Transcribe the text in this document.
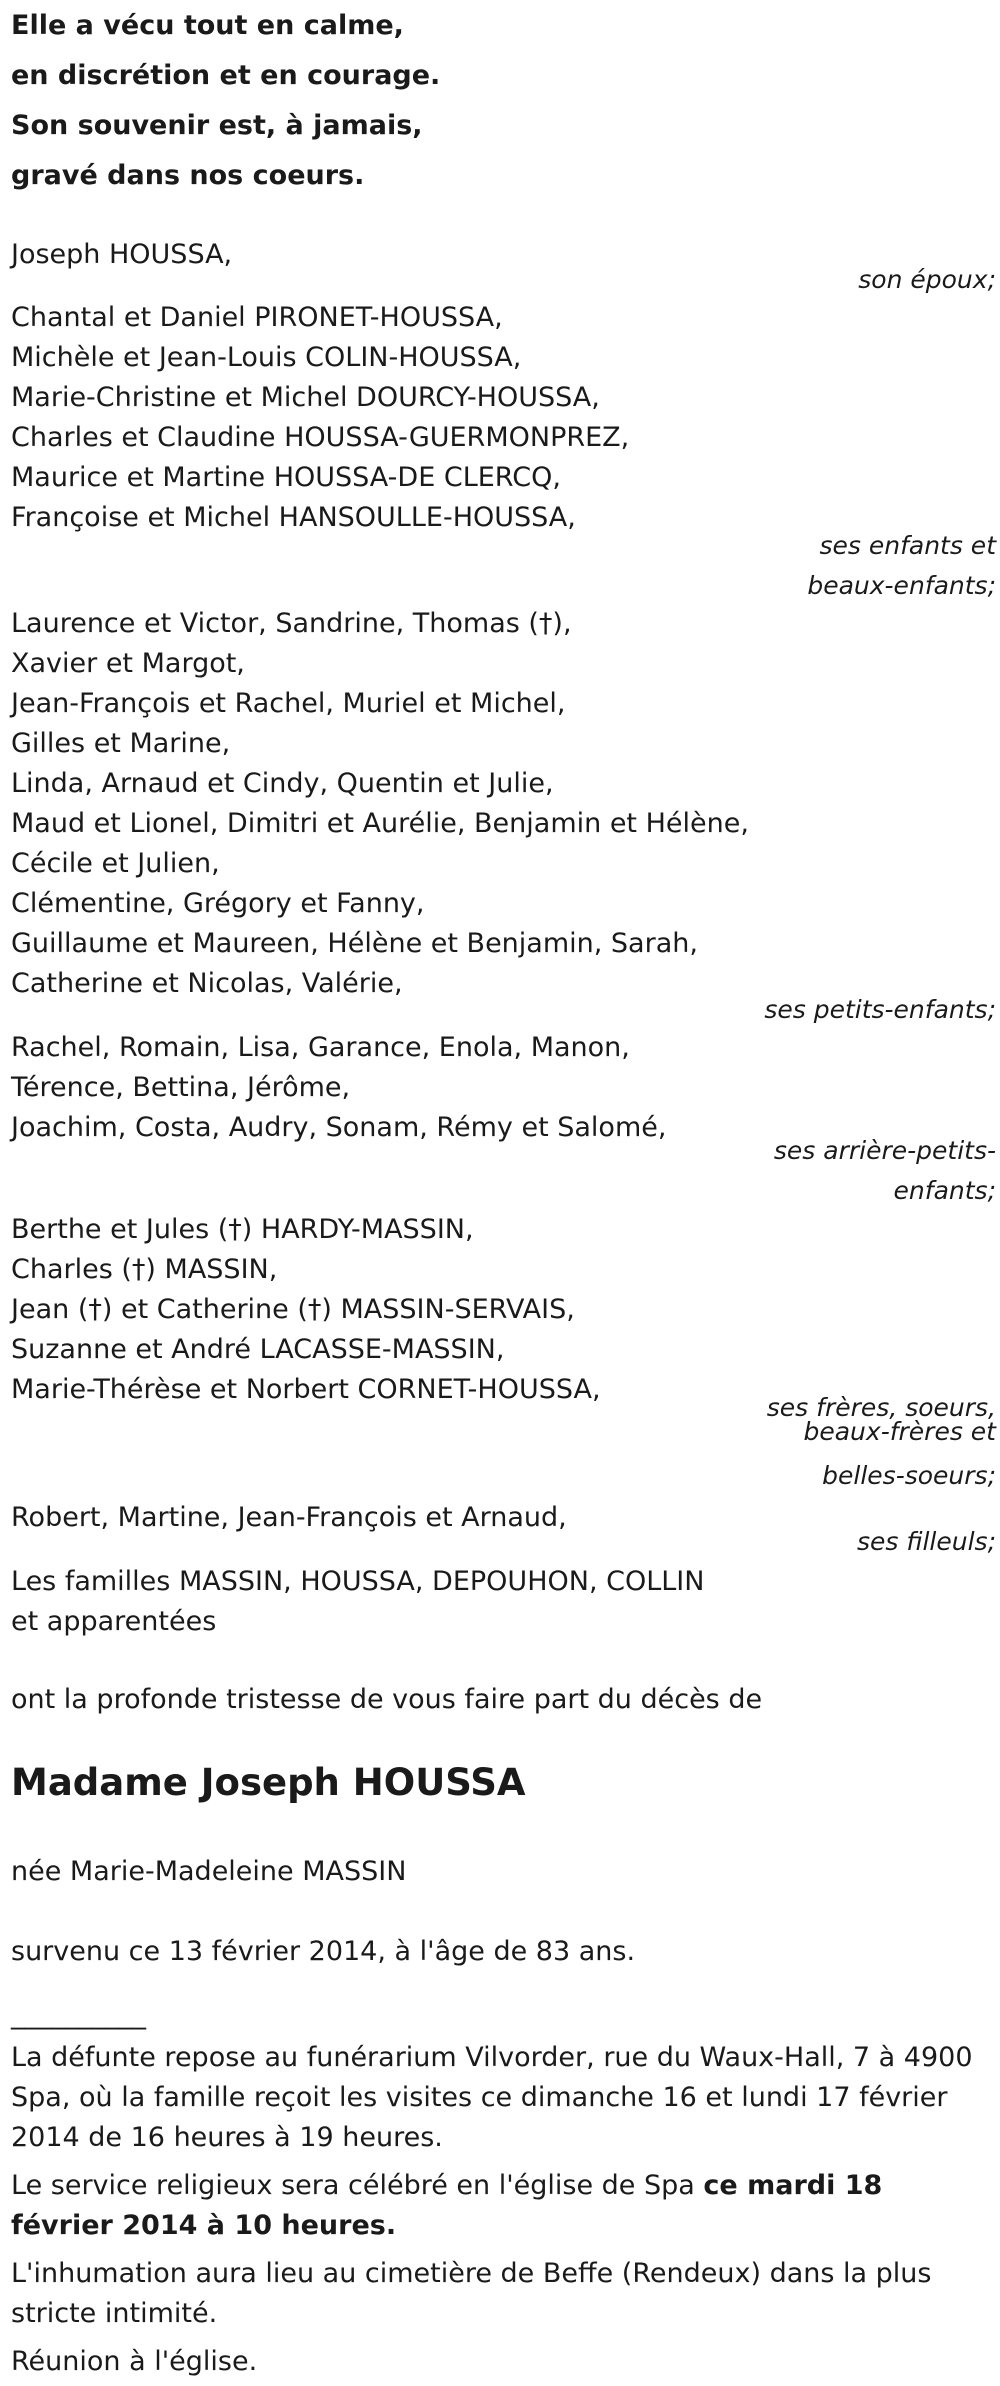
Elle a vécu tout en calme,
en discrétion et en courage.
Son souvenir est, à jamais,
gravé dans nos coeurs.
Joseph HOUSSA,
son époux;
Chantal et Daniel PIRONET-HOUSSA,
Michèle et Jean-Louis COLIN-HOUSSA,
Marie-Christine et Michel DOURCY-HOUSSA,
Charles et Claudine HOUSSA-GUERMONPREZ,
Maurice et Martine HOUSSA-DE CLERCQ,
Françoise et Michel HANSOULLE-HOUSSA,
ses enfants et
beaux-enfants;
Laurence et Victor, Sandrine, Thomas (†),
Xavier et Margot,
Jean-François et Rachel, Muriel et Michel,
Gilles et Marine,
Linda, Arnaud et Cindy, Quentin et Julie,
Maud et Lionel, Dimitri et Aurélie, Benjamin et Hélène,
Cécile et Julien,
Clémentine, Grégory et Fanny,
Guillaume et Maureen, Hélène et Benjamin, Sarah,
Catherine et Nicolas, Valérie,
ses petits-enfants;
Rachel, Romain, Lisa, Garance, Enola, Manon,
Térence, Bettina, Jérôme,
Joachim, Costa, Audry, Sonam, Rémy et Salomé,
ses arrière-petits-
enfants;
Berthe et Jules (†) HARDY-MASSIN,
Charles (†) MASSIN,
Jean (†) et Catherine (†) MASSIN-SERVAIS,
Suzanne et André LACASSE-MASSIN,
Marie-Thérèse et Norbert CORNET-HOUSSA,
ses frères, soeurs,
beaux-frères et
belles-soeurs;
Robert, Martine, Jean-François et Arnaud,
ses filleuls;
Les familles MASSIN, HOUSSA, DEPOUHON, COLLIN
et apparentées
ont la profonde tristesse de vous faire part du décès de
Madame Joseph HOUSSA
née Marie-Madeleine MASSIN
survenu ce 13 février 2014, à l'âge de 83 ans.
__________
La défunte repose au funérarium Vilvorder, rue du Waux-Hall, 7 à 4900 Spa, où la famille reçoit les visites ce dimanche 16 et lundi 17 février 2014 de 16 heures à 19 heures.
Le service religieux sera célébré en l'église de Spa ce mardi 18 février 2014 à 10 heures.
L'inhumation aura lieu au cimetière de Beffe (Rendeux) dans la plus stricte intimité.
Réunion à l'église.
